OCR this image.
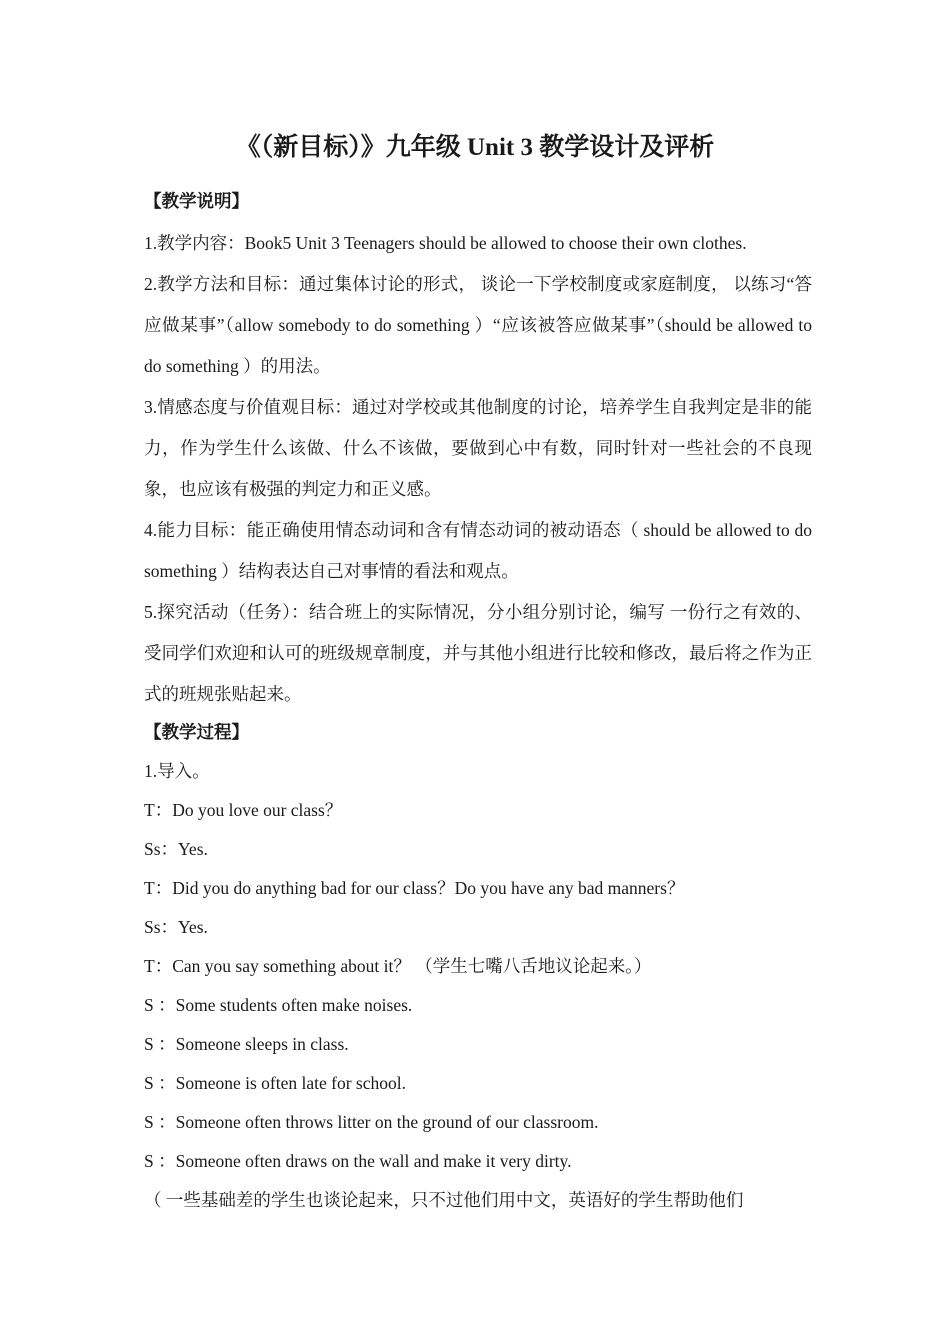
《（新目标）》九年级 Unit 3 教学设计及评析
【教学说明】
1.教学内容：Book5 Unit 3 Teenagers should be allowed to choose their own clothes.
2.教学方法和目标：通过集体讨论的形式， 谈论一下学校制度或家庭制度， 以练习“答应做某事”（allow somebody to do something ）“应该被答应做某事”（should be allowed to do something ）的用法。
3.情感态度与价值观目标：通过对学校或其他制度的讨论，培养学生自我判定是非的能力，作为学生什么该做、什么不该做，要做到心中有数，同时针对一些社会的不良现象，也应该有极强的判定力和正义感。
4.能力目标：能正确使用情态动词和含有情态动词的被动语态（ should be allowed to do something ）结构表达自己对事情的看法和观点。
5.探究活动（任务）：结合班上的实际情况，分小组分别讨论，编写 一份行之有效的、受同学们欢迎和认可的班级规章制度，并与其他小组进行比较和修改，最后将之作为正式的班规张贴起来。
【教学过程】
1.导入。
T：Do you love our class？
Ss：Yes.
T：Did you do anything bad for our class？Do you have any bad manners？
Ss：Yes.
T：Can you say something about it？ （学生七嘴八舌地议论起来。）
S ：Some students often make noises.
S ：Someone sleeps in class.
S ：Someone is often late for school.
S ：Someone often throws litter on the ground of our classroom.
S ：Someone often draws on the wall and make it very dirty.
（ 一些基础差的学生也谈论起来，只不过他们用中文，英语好的学生帮助他们
